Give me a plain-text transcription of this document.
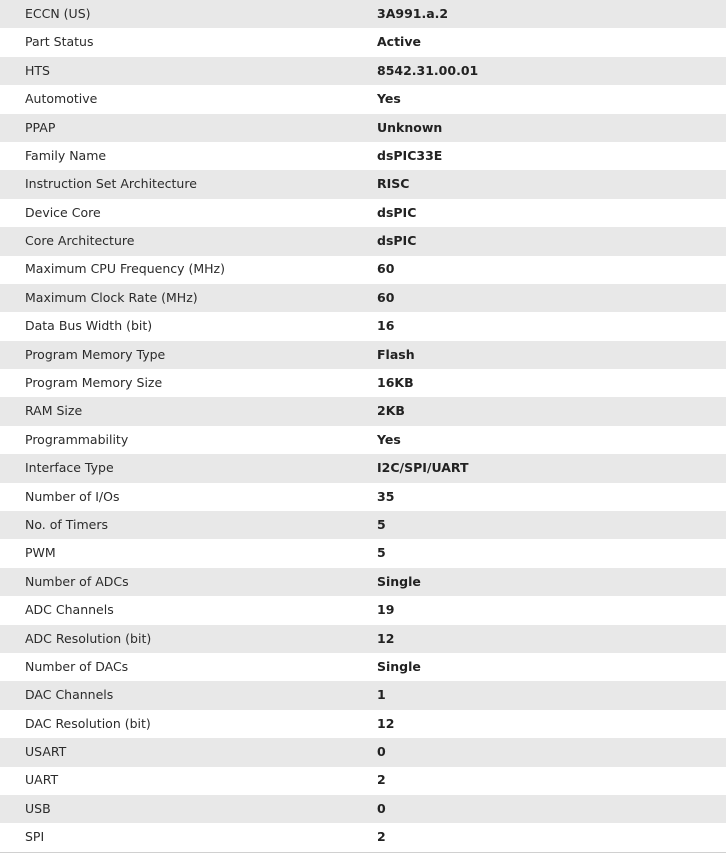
ECCN (US)	3A991.a.2
Part Status	Active
HTS	8542.31.00.01
Automotive	Yes
PPAP	Unknown
Family Name	dsPIC33E
Instruction Set Architecture	RISC
Device Core	dsPIC
Core Architecture	dsPIC
Maximum CPU Frequency (MHz)	60
Maximum Clock Rate (MHz)	60
Data Bus Width (bit)	16
Program Memory Type	Flash
Program Memory Size	16KB
RAM Size	2KB
Programmability	Yes
Interface Type	I2C/SPI/UART
Number of I/Os	35
No. of Timers	5
PWM	5
Number of ADCs	Single
ADC Channels	19
ADC Resolution (bit)	12
Number of DACs	Single
DAC Channels	1
DAC Resolution (bit)	12
USART	0
UART	2
USB	0
SPI	2
